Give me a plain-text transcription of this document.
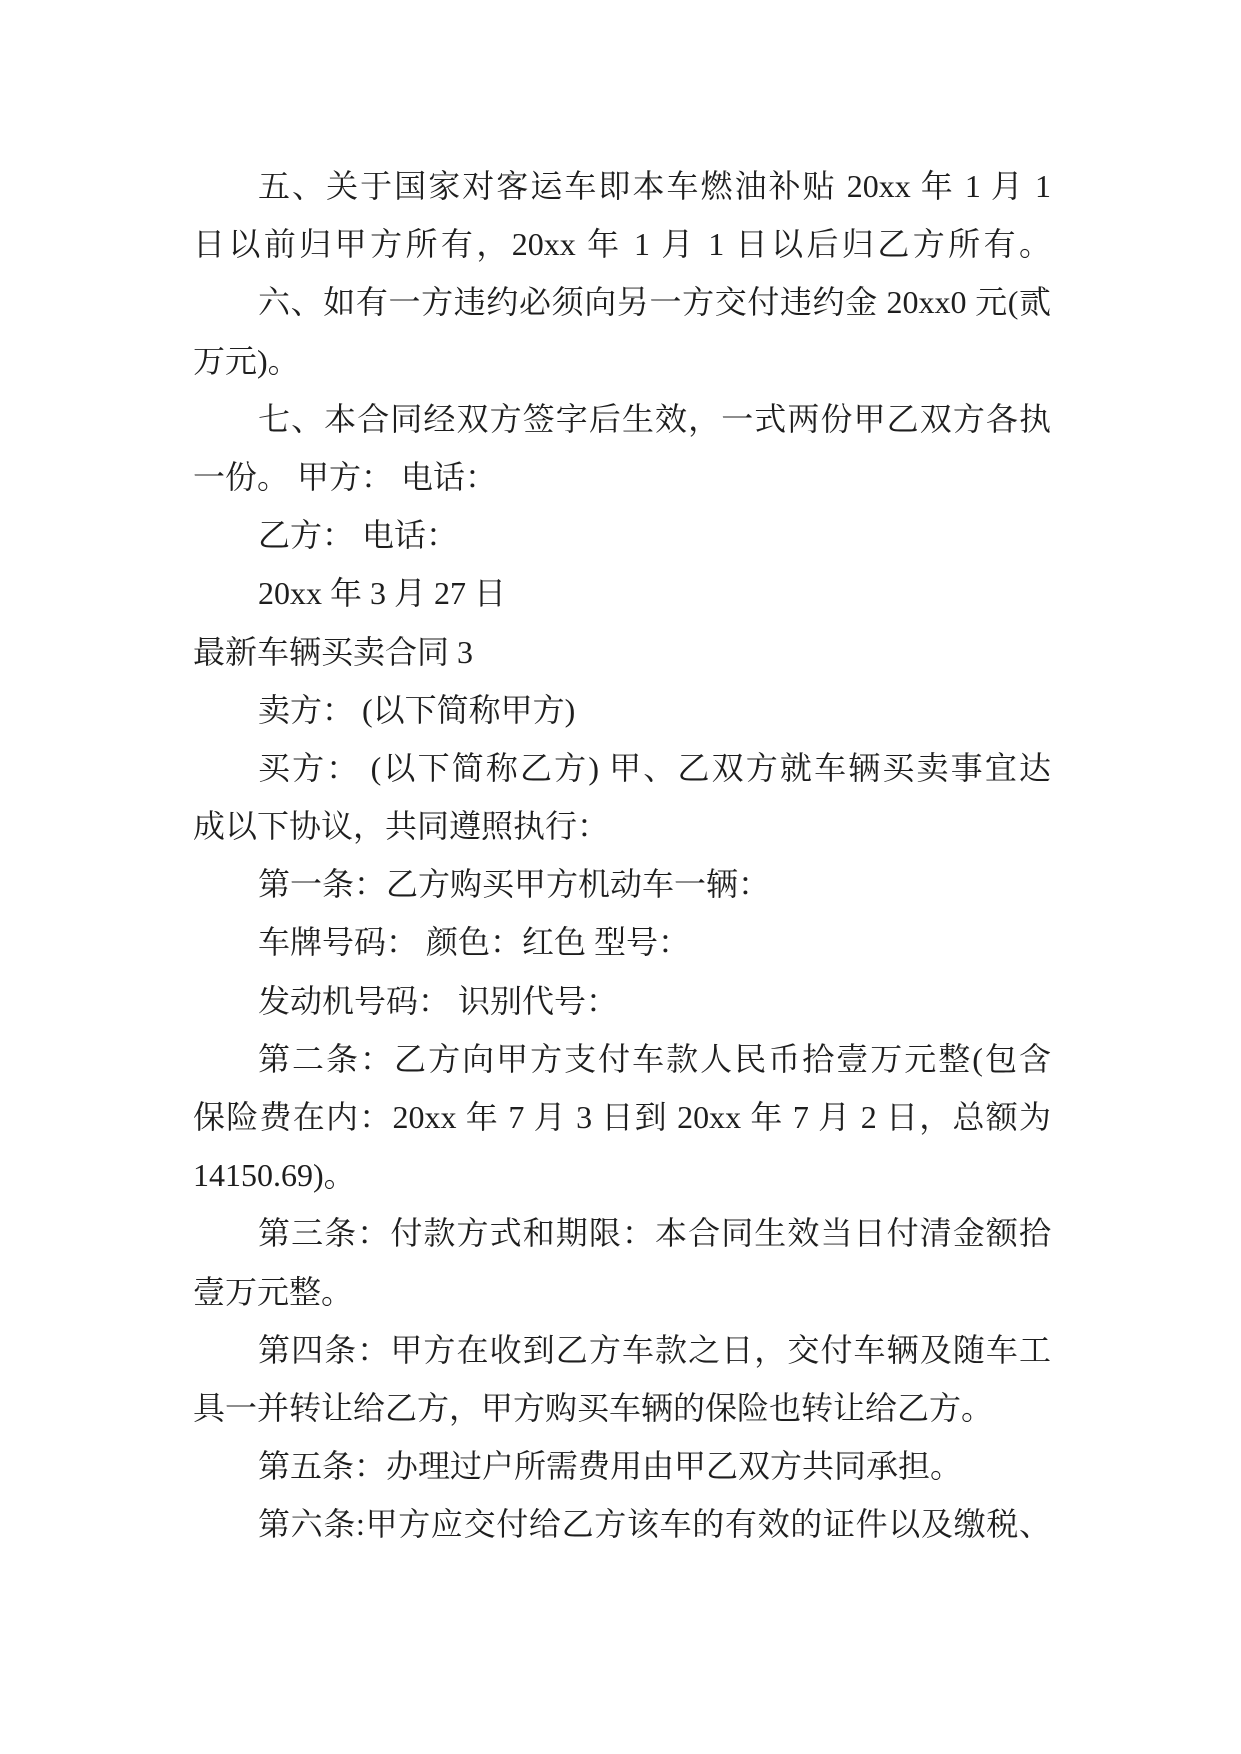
五、关于国家对客运车即本车燃油补贴 20xx 年 1 月 1
日以前归甲方所有，20xx 年 1 月 1 日以后归乙方所有。
六、如有一方违约必须向另一方交付违约金 20xx0 元(贰
万元)。
七、本合同经双方签字后生效，一式两份甲乙双方各执
一份。 甲方： 电话：
乙方： 电话：
20xx 年 3 月 27 日
最新车辆买卖合同 3
卖方： (以下简称甲方)
买方： (以下简称乙方) 甲、乙双方就车辆买卖事宜达
成以下协议，共同遵照执行：
第一条：乙方购买甲方机动车一辆：
车牌号码： 颜色：红色 型号：
发动机号码： 识别代号：
第二条：乙方向甲方支付车款人民币拾壹万元整(包含
保险费在内：20xx 年 7 月 3 日到 20xx 年 7 月 2 日，总额为
14150.69)。
第三条：付款方式和期限：本合同生效当日付清金额拾
壹万元整。
第四条：甲方在收到乙方车款之日，交付车辆及随车工
具一并转让给乙方，甲方购买车辆的保险也转让给乙方。
第五条：办理过户所需费用由甲乙双方共同承担。
第六条:甲方应交付给乙方该车的有效的证件以及缴税、
